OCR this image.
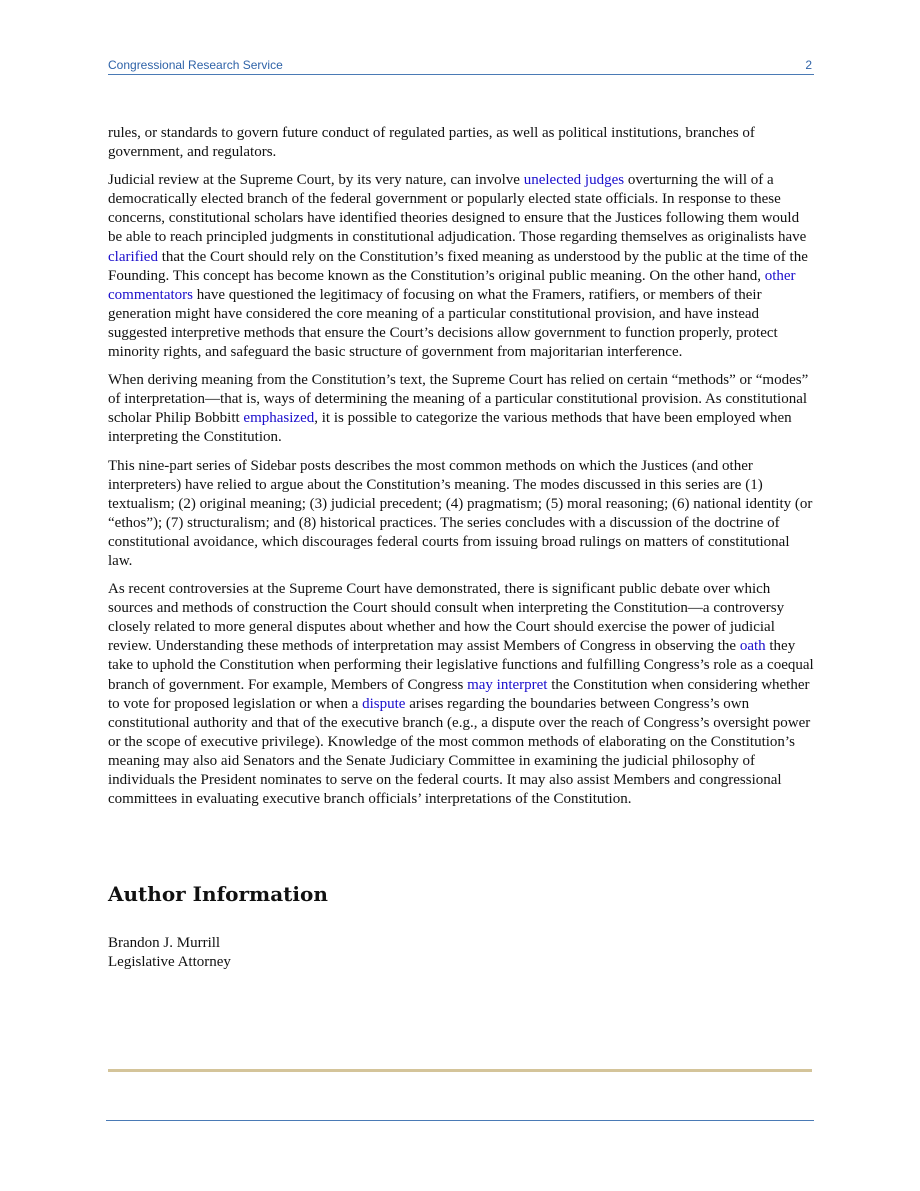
Congressional Research Service	2

rules, or standards to govern future conduct of regulated parties, as well as political institutions, branches of government, and regulators.

Judicial review at the Supreme Court, by its very nature, can involve unelected judges overturning the will of a democratically elected branch of the federal government or popularly elected state officials. In response to these concerns, constitutional scholars have identified theories designed to ensure that the Justices following them would be able to reach principled judgments in constitutional adjudication. Those regarding themselves as originalists have clarified that the Court should rely on the Constitution’s fixed meaning as understood by the public at the time of the Founding. This concept has become known as the Constitution’s original public meaning. On the other hand, other commentators have questioned the legitimacy of focusing on what the Framers, ratifiers, or members of their generation might have considered the core meaning of a particular constitutional provision, and have instead suggested interpretive methods that ensure the Court’s decisions allow government to function properly, protect minority rights, and safeguard the basic structure of government from majoritarian interference.

When deriving meaning from the Constitution’s text, the Supreme Court has relied on certain “methods” or “modes” of interpretation—that is, ways of determining the meaning of a particular constitutional provision. As constitutional scholar Philip Bobbitt emphasized, it is possible to categorize the various methods that have been employed when interpreting the Constitution.

This nine-part series of Sidebar posts describes the most common methods on which the Justices (and other interpreters) have relied to argue about the Constitution’s meaning. The modes discussed in this series are (1) textualism; (2) original meaning; (3) judicial precedent; (4) pragmatism; (5) moral reasoning; (6) national identity (or “ethos”); (7) structuralism; and (8) historical practices. The series concludes with a discussion of the doctrine of constitutional avoidance, which discourages federal courts from issuing broad rulings on matters of constitutional law.

As recent controversies at the Supreme Court have demonstrated, there is significant public debate over which sources and methods of construction the Court should consult when interpreting the Constitution—a controversy closely related to more general disputes about whether and how the Court should exercise the power of judicial review. Understanding these methods of interpretation may assist Members of Congress in observing the oath they take to uphold the Constitution when performing their legislative functions and fulfilling Congress’s role as a coequal branch of government. For example, Members of Congress may interpret the Constitution when considering whether to vote for proposed legislation or when a dispute arises regarding the boundaries between Congress’s own constitutional authority and that of the executive branch (e.g., a dispute over the reach of Congress’s oversight power or the scope of executive privilege). Knowledge of the most common methods of elaborating on the Constitution’s meaning may also aid Senators and the Senate Judiciary Committee in examining the judicial philosophy of individuals the President nominates to serve on the federal courts. It may also assist Members and congressional committees in evaluating executive branch officials’ interpretations of the Constitution.

Author Information
Brandon J. Murrill
Legislative Attorney
